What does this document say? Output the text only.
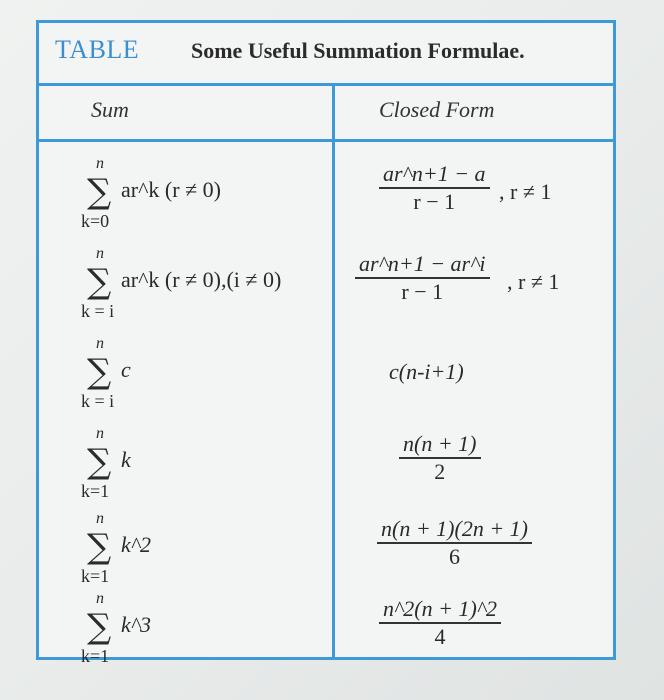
TABLE Some Useful Summation Formulae.
Sum	Closed Form
n
∑
k=0
ar^k (r ≠ 0)	$\frac{ar\^{}n+1 - a}{r - 1}$ , r ≠ 1
n
∑
k = i
ar^k (r ≠ 0),(i ≠ 0)	$\frac{ar\^{}n+1 - ar\^{}i}{r - 1}$ , r ≠ 1
n
∑
k = i
c	c(n-i+1)
n
∑
k=1
k	$\frac{n(n + 1)}{2}$
n
∑
k=1
k^2	$\frac{n(n + 1)(2n + 1)}{6}$
n
∑
k=1
k^3	$\frac{n\^{}2(n + 1)\^{}2}{4}$
